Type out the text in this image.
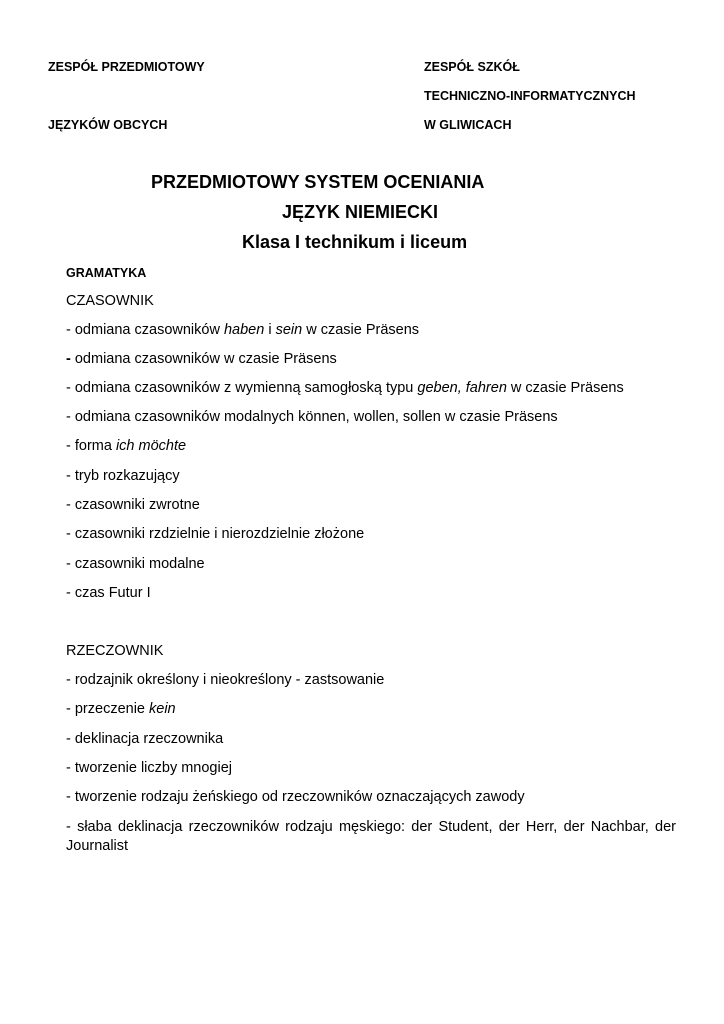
ZESPÓŁ PRZEDMIOTOWY
JĘZYKÓW OBCYCH
ZESPÓŁ SZKÓŁ
TECHNICZNO-INFORMATYCZNYCH
W GLIWICACH
PRZEDMIOTOWY SYSTEM OCENIANIA
JĘZYK NIEMIECKI
Klasa I technikum i liceum
GRAMATYKA
CZASOWNIK
- odmiana czasowników haben i sein w czasie Präsens
- odmiana czasowników w czasie Präsens
- odmiana czasowników z wymienną samogłoską typu geben, fahren w czasie Präsens
- odmiana czasowników modalnych können, wollen, sollen w czasie Präsens
- forma ich möchte
- tryb rozkazujący
- czasowniki zwrotne
- czasowniki rzdzielnie i nierozdzielnie złożone
- czasowniki modalne
- czas Futur I
RZECZOWNIK
- rodzajnik określony i nieokreślony - zastsowanie
- przeczenie kein
- deklinacja rzeczownika
- tworzenie liczby mnogiej
- tworzenie rodzaju żeńskiego od rzeczowników oznaczających zawody
- słaba deklinacja rzeczowników rodzaju męskiego: der Student, der Herr, der Nachbar, der Journalist
